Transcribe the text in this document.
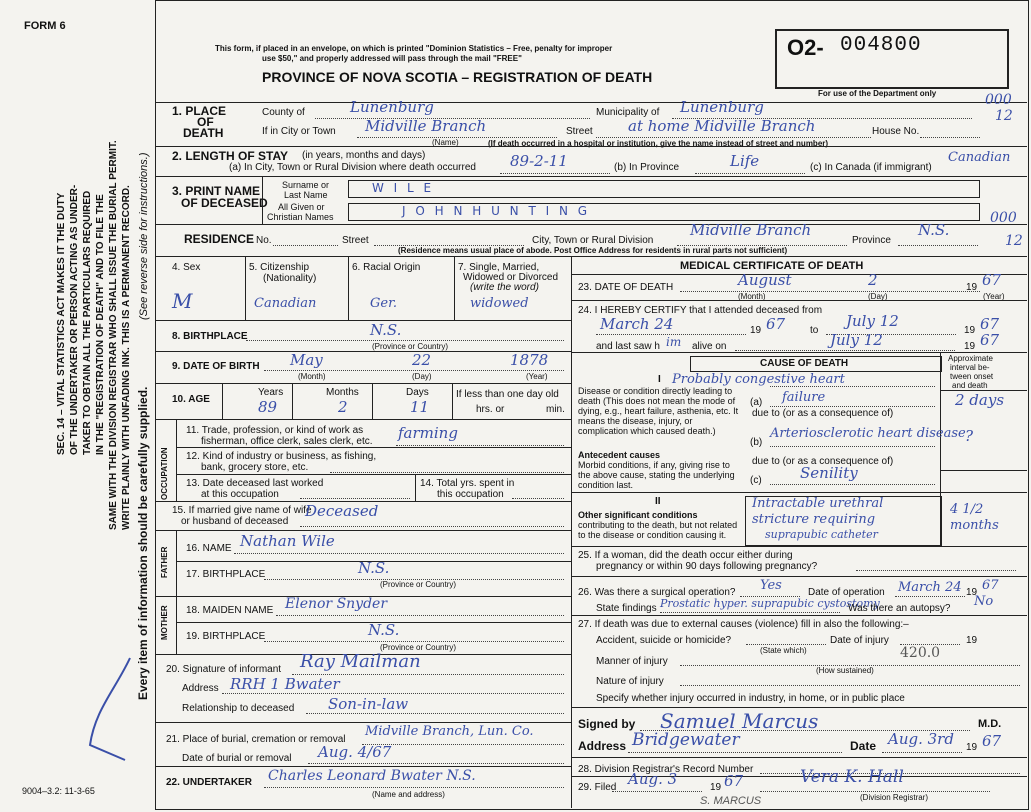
FORM 6
This form, if placed in an envelope, on which is printed "Dominion Statistics – Free, penalty for improper
use $50," and properly addressed will pass through the mail "FREE"
PROVINCE OF NOVA SCOTIA – REGISTRATION OF DEATH
O2- 004800
For use of the Department only
SEC. 14 – VITAL STATISTICS ACT MAKES IT THE DUTY OF THE UNDERTAKER OR PERSON ACTING AS UNDER- TAKER TO OBTAIN ALL THE PARTICULARS REQUIRED IN THE "REGISTRATION OF DEATH" AND TO FILE THE SAME WITH THE DIVISION REGISTRAR WHO SHALL ISSUE THE BURIAL PERMIT. WRITE PLAINLY WITH UNFADING INK. THIS IS A PERMANENT RECORD.
Every item of information should be carefully supplied.
(See reverse side for instructions.)
1. PLACE
OF
DEATH
County of	Lunenburg	Municipality of Lunenburg	000
12
If in City or Town Midville Branch
(Name)
Street at home Midville Branch	House No.
(If death occurred in a hospital or institution, give the name instead of street and number)
2. LENGTH OF STAY (in years, months and days)
(a) In City, Town or Rural Division where death occurred 89-2-11	(b) In Province	Life	(c) In Canada (if immigrant)
Canadian
3. PRINT NAME
OF DECEASED
Surname or
Last Name	W I L E
All Given or
Christian Names	J O H N H U N T I N G	000
12
RESIDENCE No.	Street	City, Town or Rural Division
Midville Branch
Province
N.S.
(Residence means usual place of abode. Post Office Address for residents in rural parts not sufficient)
4. Sex
M
5. Citizenship
(Nationality)
Canadian
6. Racial Origin
Ger.
7. Single, Married,
Widowed or Divorced
(write the word)
widowed
8. BIRTHPLACE	N.S.
(Province or Country)
9. DATE OF BIRTH May	22	1878
(Month)	(Day)	(Year)
10. AGE
Years	Months	Days
89	2	11
If less than one day old
hrs. or	min.
OCCUPATION
11. Trade, profession, or kind of work as
fisherman, office clerk, sales clerk, etc. farming
12. Kind of industry or business, as fishing,
bank, grocery store, etc.
13. Date deceased last worked
at this occupation
14. Total yrs. spent in
this occupation
15. If married give name of wife
or husband of deceased
Deceased
FATHER 16. NAME Nathan Wile
17. BIRTHPLACE	N.S.
(Province or Country)
MOTHER 18. MAIDEN NAME Elenor Snyder
19. BIRTHPLACE	N.S.
(Province or Country)
20. Signature of informant Ray Mailman
Address RRH 1 Bwater
Relationship to deceased Son-in-law
21. Place of burial, cremation or removal
Midville Branch, Lun. Co.
Date of burial or removal Aug. 4/67
22. UNDERTAKER Charles Leonard Bwater N.S.
(Name and address)
9004–3.2: 11-3-65
S. MARCUS
MEDICAL CERTIFICATE OF DEATH
23. DATE OF DEATH	August	2	19 67
(Month)	(Day)	(Year)
24. I HEREBY CERTIFY that I attended deceased from
March 24	19 67 to
July 12
19 67
and last saw h im alive on	July 12	19 67
CAUSE OF DEATH	Approximate
interval be-
tween onset
and death
I
Disease or condition directly leading to death (This does not mean the mode of dying, e.g., heart failure, asthenia, etc. It means the disease, injury, or complication which caused death.)
(a)
Probably congestive heart
failure	2 days
due to (or as a consequence of)
Antecedent causes
Morbid conditions, if any, giving rise to the above cause, stating the underlying condition last.
(b)
Arteriosclerotic heart disease ?
due to (or as a consequence of)
(c)	Senility
II
Other significant conditions
contributing to the death, but not related to the disease or condition causing it.
Intractable urethral
stricture requiring
suprapubic catheter
4 1/2 months
25. If a woman, did the death occur either during
pregnancy or within 90 days following pregnancy?
26. Was there a surgical operation? Yes	Date of operation March 24 19 67
State findings Prostatic hyper. suprapubic cystostomy
Was there an autopsy? No
27. If death was due to external causes (violence) fill in also the following:–
Accident, suicide or homicide?	Date of injury	19
(State which)
Manner of injury
420.0
(How sustained)
Nature of injury
Specify whether injury occurred in industry, in home, or in public place
Signed by Samuel Marcus	M.D.
Address Bridgewater	Date Aug. 3rd 19 67
28. Division Registrar's Record Number
29. Filed Aug. 3	19 67	Vera K. Hall
(Division Registrar)
